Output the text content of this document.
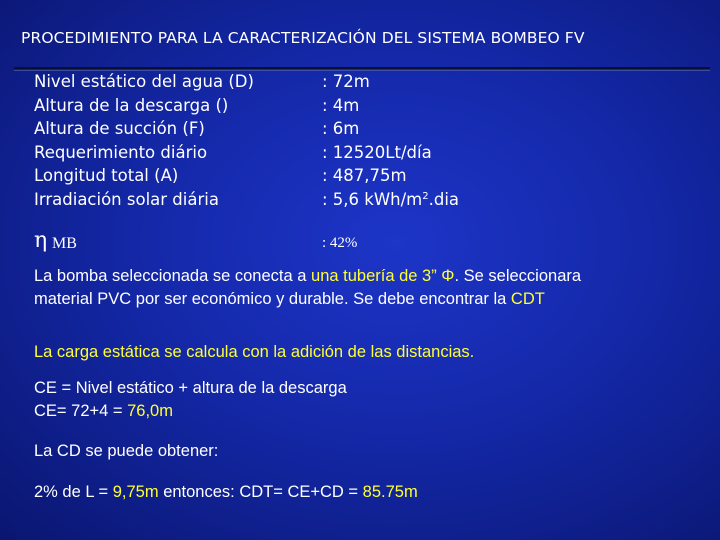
PROCEDIMIENTO PARA LA CARACTERIZACIÓN DEL SISTEMA BOMBEO FV
Nivel estático del agua (D)	: 72m
Altura de la descarga ()	: 4m
Altura de succión (F)	: 6m
Requerimiento diário	: 12520Lt/día
Longitud total (A)	: 487,75m
Irradiación solar diária	: 5,6 kWh/$m^2.dia$
η MB	: 42%
La bomba seleccionada se conecta a una tubería de 3” Φ. Se seleccionara
material PVC por ser económico y durable. Se debe encontrar la CDT
La carga estática se calcula con la adición de las distancias.
CE = Nivel estático + altura de la descarga
CE= 72+4 = 76,0m
La CD se puede obtener:
2% de L = 9,75m entonces: CDT= CE+CD = 85.75m
